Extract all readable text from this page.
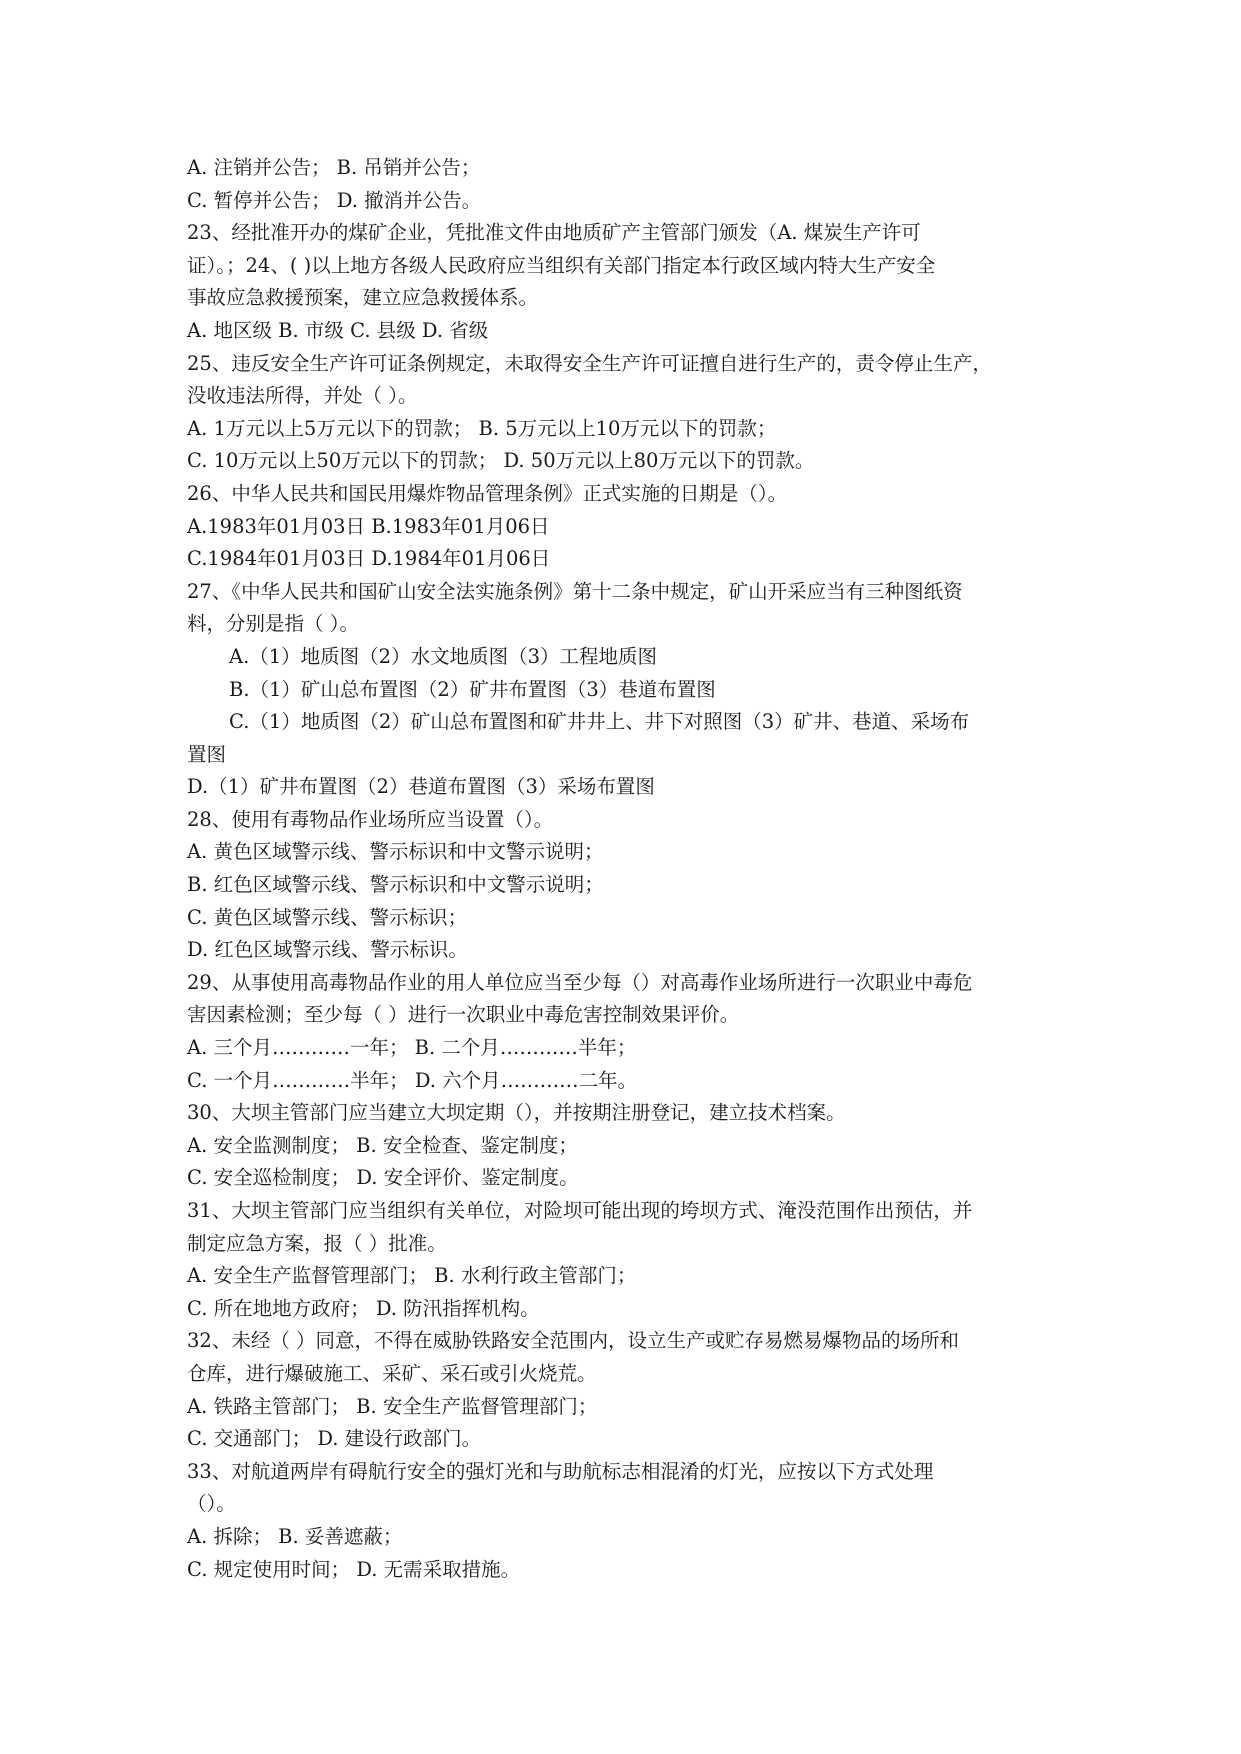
A. 注销并公告； B. 吊销并公告；
C. 暂停并公告； D. 撤消并公告。
23、经批准开办的煤矿企业，凭批准文件由地质矿产主管部门颁发（A. 煤炭生产许可
证）。；24、( )以上地方各级人民政府应当组织有关部门指定本行政区域内特大生产安全
事故应急救援预案，建立应急救援体系。
A. 地区级 B. 市级 C. 县级 D. 省级
25、违反安全生产许可证条例规定，未取得安全生产许可证擅自进行生产的，责令停止生产，
没收违法所得，并处（ ）。
A. 1万元以上5万元以下的罚款； B. 5万元以上10万元以下的罚款；
C. 10万元以上50万元以下的罚款； D. 50万元以上80万元以下的罚款。
26、中华人民共和国民用爆炸物品管理条例》正式实施的日期是（）。
A.1983年01月03日 B.1983年01月06日
C.1984年01月03日 D.1984年01月06日
27、《中华人民共和国矿山安全法实施条例》第十二条中规定，矿山开采应当有三种图纸资
料，分别是指（ ）。
A.（1）地质图（2）水文地质图（3）工程地质图
B.（1）矿山总布置图（2）矿井布置图（3）巷道布置图
C.（1）地质图（2）矿山总布置图和矿井井上、井下对照图（3）矿井、巷道、采场布
置图
D.（1）矿井布置图（2）巷道布置图（3）采场布置图
28、使用有毒物品作业场所应当设置（）。
A. 黄色区域警示线、警示标识和中文警示说明；
B. 红色区域警示线、警示标识和中文警示说明；
C. 黄色区域警示线、警示标识；
D. 红色区域警示线、警示标识。
29、从事使用高毒物品作业的用人单位应当至少每（）对高毒作业场所进行一次职业中毒危
害因素检测；至少每（ ）进行一次职业中毒危害控制效果评价。
A. 三个月…………一年； B. 二个月…………半年；
C. 一个月…………半年； D. 六个月…………二年。
30、大坝主管部门应当建立大坝定期（），并按期注册登记，建立技术档案。
A. 安全监测制度； B. 安全检查、鉴定制度；
C. 安全巡检制度； D. 安全评价、鉴定制度。
31、大坝主管部门应当组织有关单位，对险坝可能出现的垮坝方式、淹没范围作出预估，并
制定应急方案，报（ ）批准。
A. 安全生产监督管理部门； B. 水利行政主管部门；
C. 所在地地方政府； D. 防汛指挥机构。
32、未经（ ）同意，不得在威胁铁路安全范围内，设立生产或贮存易燃易爆物品的场所和
仓库，进行爆破施工、采矿、采石或引火烧荒。
A. 铁路主管部门； B. 安全生产监督管理部门；
C. 交通部门； D. 建设行政部门。
33、对航道两岸有碍航行安全的强灯光和与助航标志相混淆的灯光，应按以下方式处理
（）。
A. 拆除； B. 妥善遮蔽；
C. 规定使用时间； D. 无需采取措施。
